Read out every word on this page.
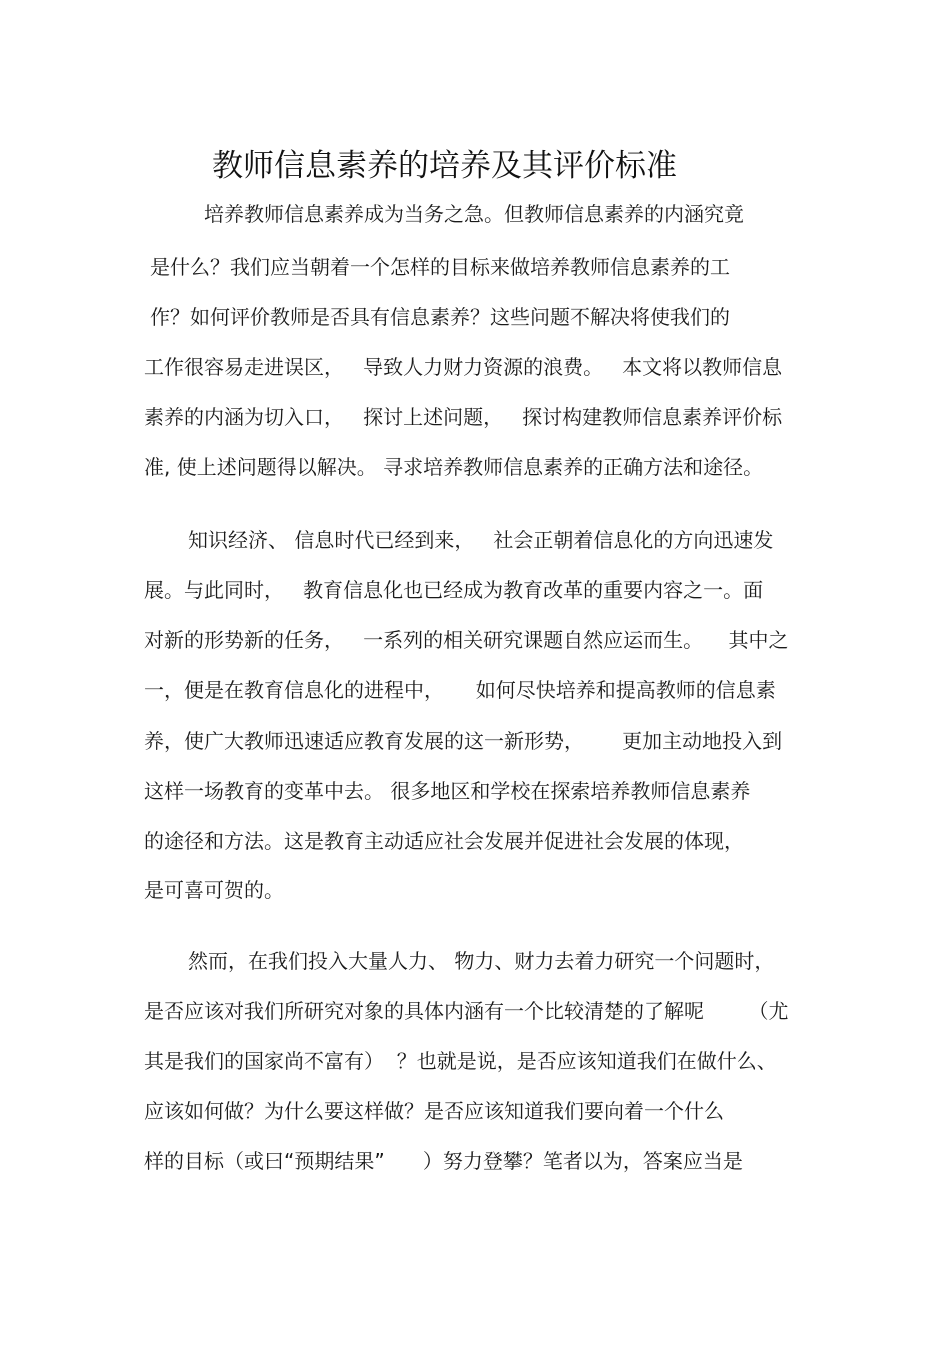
教师信息素养的培养及其评价标准
培养教师信息素养成为当务之急。但教师信息素养的内涵究竟
是什么？我们应当朝着一个怎样的目标来做培养教师信息素养的工
作？如何评价教师是否具有信息素养？这些问题不解决将使我们的
工作很容易走进误区，   导致人力财力资源的浪费。   本文将以教师信息
素养的内涵为切入口，   探讨上述问题，   探讨构建教师信息素养评价标
准, 使上述问题得以解决。 寻求培养教师信息素养的正确方法和途径。
知识经济、 信息时代已经到来，   社会正朝着信息化的方向迅速发
展。与此同时，   教育信息化也已经成为教育改革的重要内容之一。面
对新的形势新的任务，   一系列的相关研究课题自然应运而生。    其中之
一，便是在教育信息化的进程中，     如何尽快培养和提高教师的信息素
养，使广大教师迅速适应教育发展的这一新形势，      更加主动地投入到
这样一场教育的变革中去。 很多地区和学校在探索培养教师信息素养
的途径和方法。这是教育主动适应社会发展并促进社会发展的体现，
是可喜可贺的。
然而，在我们投入大量人力、 物力、财力去着力研究一个问题时，
是否应该对我们所研究对象的具体内涵有一个比较清楚的了解呢       （尤
其是我们的国家尚不富有）  ？也就是说，是否应该知道我们在做什么、
应该如何做？为什么要这样做？是否应该知道我们要向着一个什么
样的目标（或曰“预期结果”      ）努力登攀？笔者以为，答案应当是
